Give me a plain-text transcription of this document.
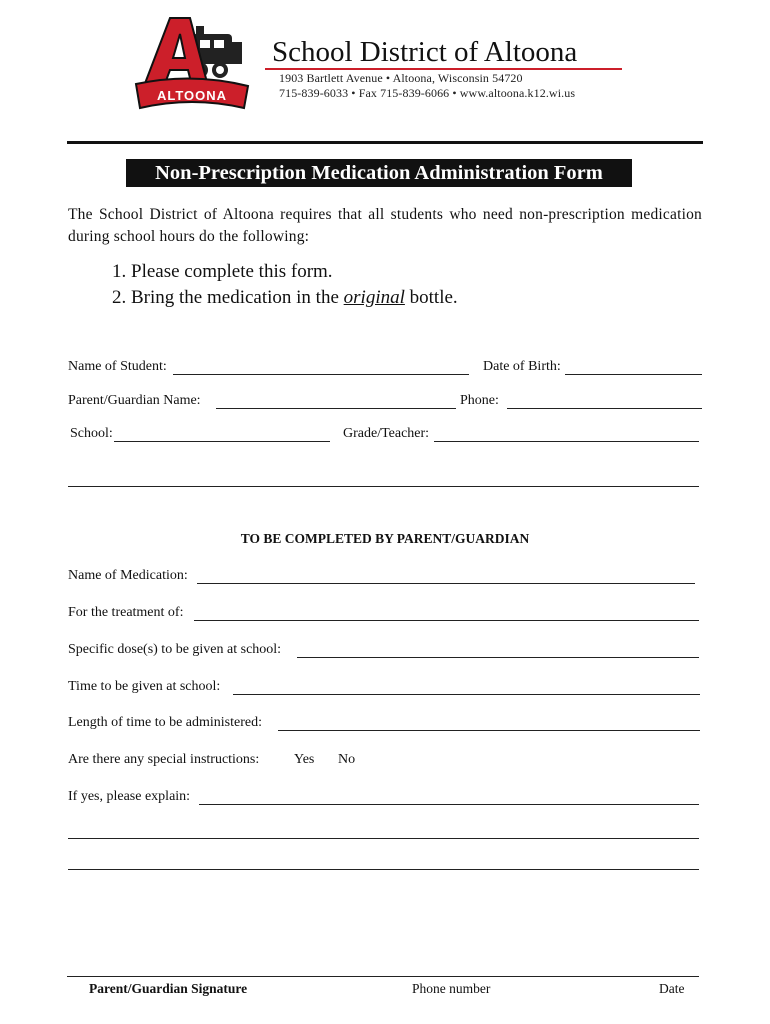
ALTOONA
School District of Altoona
1903 Bartlett Avenue • Altoona, Wisconsin 54720
715-839-6033 • Fax 715-839-6066 • www.altoona.k12.wi.us
Non-Prescription Medication Administration Form
The School District of Altoona requires that all students who need non-prescription medication during school hours do the following:
1. Please complete this form.
2. Bring the medication in the original bottle.
Name of Student:	Date of Birth:
Parent/Guardian Name:	Phone:
School:	Grade/Teacher:
TO BE COMPLETED BY PARENT/GUARDIAN
Name of Medication:
For the treatment of:
Specific dose(s) to be given at school:
Time to be given at school:
Length of time to be administered:
Are there any special instructions: Yes No
If yes, please explain:
Parent/Guardian Signature	Phone number	Date
